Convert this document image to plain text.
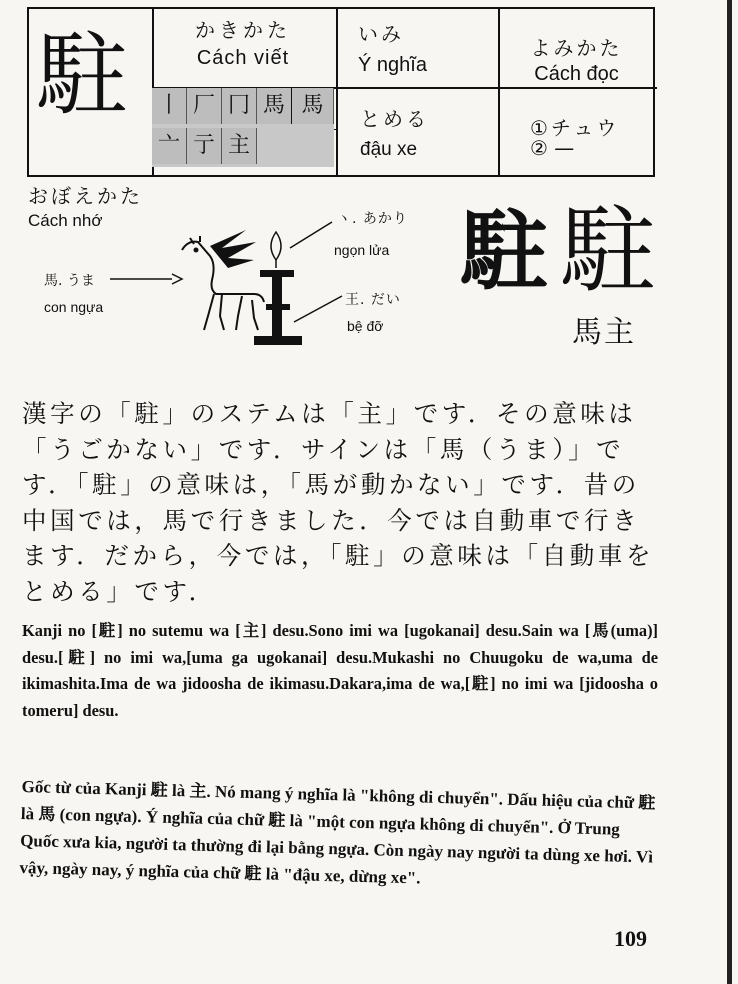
駐	かきかた
Cách viết
いみ
Ý nghĩa
よみかた
Cách đọc
丨 厂 冂 馬 馬
亠 亍 主
とめる
đậu xe
①チュウ
② —
おぼえかた
Cách nhớ
馬. うま
con ngựa
ヽ. あかり
ngọn lửa
王. だい
bệ đỡ
駐 駐
馬主
漢字の「駐」のステムは「主」です．その意味は「うごかない」です．サインは「馬（うま）」です．「駐」の意味は，「馬が動かない」です．昔の中国では，馬で行きました．今では自動車で行きます．だから，今では，「駐」の意味は「自動車をとめる」です．
Kanji no [駐] no sutemu wa [主] desu.Sono imi wa [ugokanai] desu.Sain wa [馬(uma)] desu.[駐] no imi wa,[uma ga ugokanai] desu.Mukashi no Chuugoku de wa,uma de ikimashita.Ima de wa jidoosha de ikimasu.Dakara,ima de wa,[駐] no imi wa [jidoosha o tomeru] desu.
Gốc từ của Kanji 駐 là 主. Nó mang ý nghĩa là "không di chuyển". Dấu hiệu của chữ 駐 là 馬 (con ngựa). Ý nghĩa của chữ 駐 là "một con ngựa không di chuyển". Ở Trung Quốc xưa kia, người ta thường đi lại bằng ngựa. Còn ngày nay người ta dùng xe hơi. Vì vậy, ngày nay, ý nghĩa của chữ 駐 là "đậu xe, dừng xe".
109
